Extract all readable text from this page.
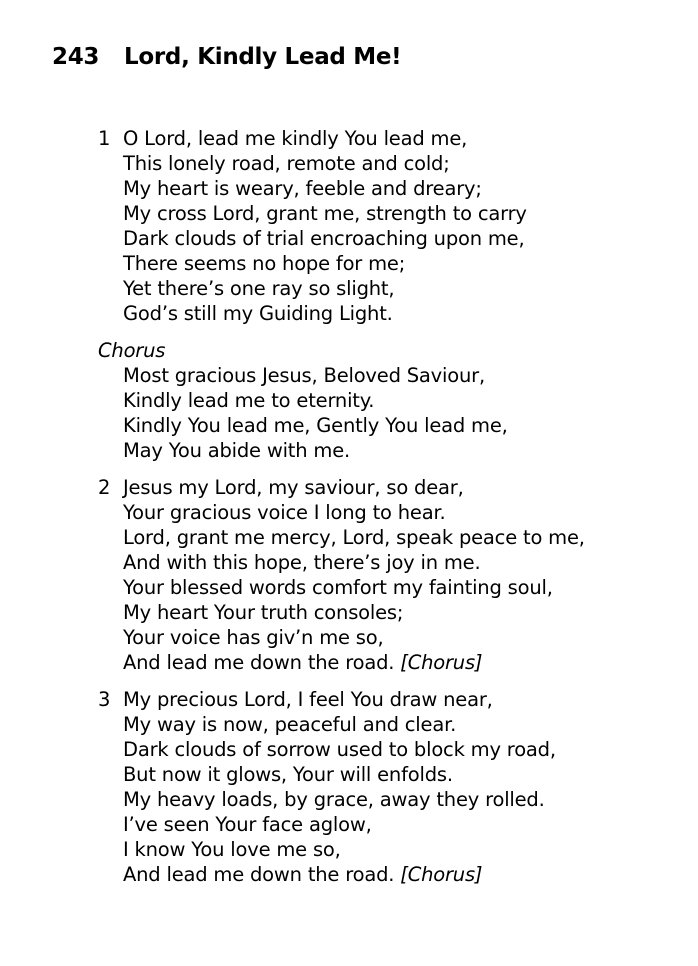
243 Lord, Kindly Lead Me!
1 O Lord, lead me kindly You lead me,
This lonely road, remote and cold;
My heart is weary, feeble and dreary;
My cross Lord, grant me, strength to carry
Dark clouds of trial encroaching upon me,
There seems no hope for me;
Yet there’s one ray so slight,
God’s still my Guiding Light.
Chorus
Most gracious Jesus, Beloved Saviour,
Kindly lead me to eternity.
Kindly You lead me, Gently You lead me,
May You abide with me.
2 Jesus my Lord, my saviour, so dear,
Your gracious voice I long to hear.
Lord, grant me mercy, Lord, speak peace to me,
And with this hope, there’s joy in me.
Your blessed words comfort my fainting soul,
My heart Your truth consoles;
Your voice has giv’n me so,
And lead me down the road. [Chorus]
3 My precious Lord, I feel You draw near,
My way is now, peaceful and clear.
Dark clouds of sorrow used to block my road,
But now it glows, Your will enfolds.
My heavy loads, by grace, away they rolled.
I’ve seen Your face aglow,
I know You love me so,
And lead me down the road. [Chorus]
